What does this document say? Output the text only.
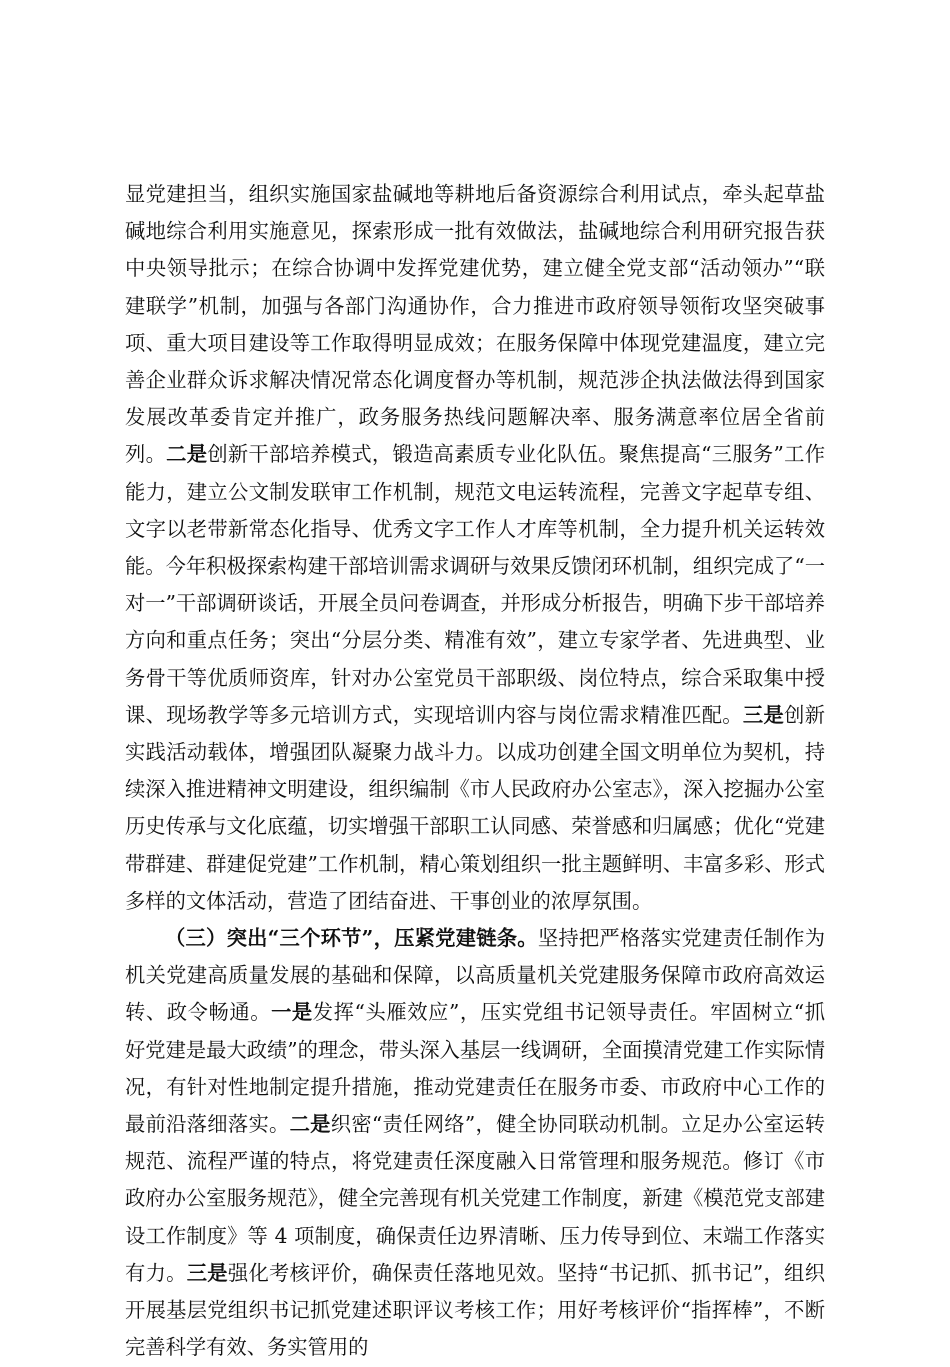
显党建担当，组织实施国家盐碱地等耕地后备资源综合利用试点，牵头起草盐碱地综合利用实施意见，探索形成一批有效做法，盐碱地综合利用研究报告获中央领导批示；在综合协调中发挥党建优势，建立健全党支部“活动领办”“联建联学”机制，加强与各部门沟通协作，合力推进市政府领导领衔攻坚突破事项、重大项目建设等工作取得明显成效；在服务保障中体现党建温度，建立完善企业群众诉求解决情况常态化调度督办等机制，规范涉企执法做法得到国家发展改革委肯定并推广，政务服务热线问题解决率、服务满意率位居全省前列。二是创新干部培养模式，锻造高素质专业化队伍。聚焦提高“三服务”工作能力，建立公文制发联审工作机制，规范文电运转流程，完善文字起草专组、文字以老带新常态化指导、优秀文字工作人才库等机制，全力提升机关运转效能。今年积极探索构建干部培训需求调研与效果反馈闭环机制，组织完成了“一对一”干部调研谈话，开展全员问卷调查，并形成分析报告，明确下步干部培养方向和重点任务；突出“分层分类、精准有效”，建立专家学者、先进典型、业务骨干等优质师资库，针对办公室党员干部职级、岗位特点，综合采取集中授课、现场教学等多元培训方式，实现培训内容与岗位需求精准匹配。三是创新实践活动载体，增强团队凝聚力战斗力。以成功创建全国文明单位为契机，持续深入推进精神文明建设，组织编制《市人民政府办公室志》，深入挖掘办公室历史传承与文化底蕴，切实增强干部职工认同感、荣誉感和归属感；优化“党建带群建、群建促党建”工作机制，精心策划组织一批主题鲜明、丰富多彩、形式多样的文体活动，营造了团结奋进、干事创业的浓厚氛围。

（三）突出“三个环节”，压紧党建链条。坚持把严格落实党建责任制作为机关党建高质量发展的基础和保障，以高质量机关党建服务保障市政府高效运转、政令畅通。一是发挥“头雁效应”，压实党组书记领导责任。牢固树立“抓好党建是最大政绩”的理念，带头深入基层一线调研，全面摸清党建工作实际情况，有针对性地制定提升措施，推动党建责任在服务市委、市政府中心工作的最前沿落细落实。二是织密“责任网络”，健全协同联动机制。立足办公室运转规范、流程严谨的特点，将党建责任深度融入日常管理和服务规范。修订《市政府办公室服务规范》，健全完善现有机关党建工作制度，新建《模范党支部建设工作制度》等 4 项制度，确保责任边界清晰、压力传导到位、末端工作落实有力。三是强化考核评价，确保责任落地见效。坚持“书记抓、抓书记”，组织开展基层党组织书记抓党建述职评议考核工作；用好考核评价“指挥棒”，不断完善科学有效、务实管用的
